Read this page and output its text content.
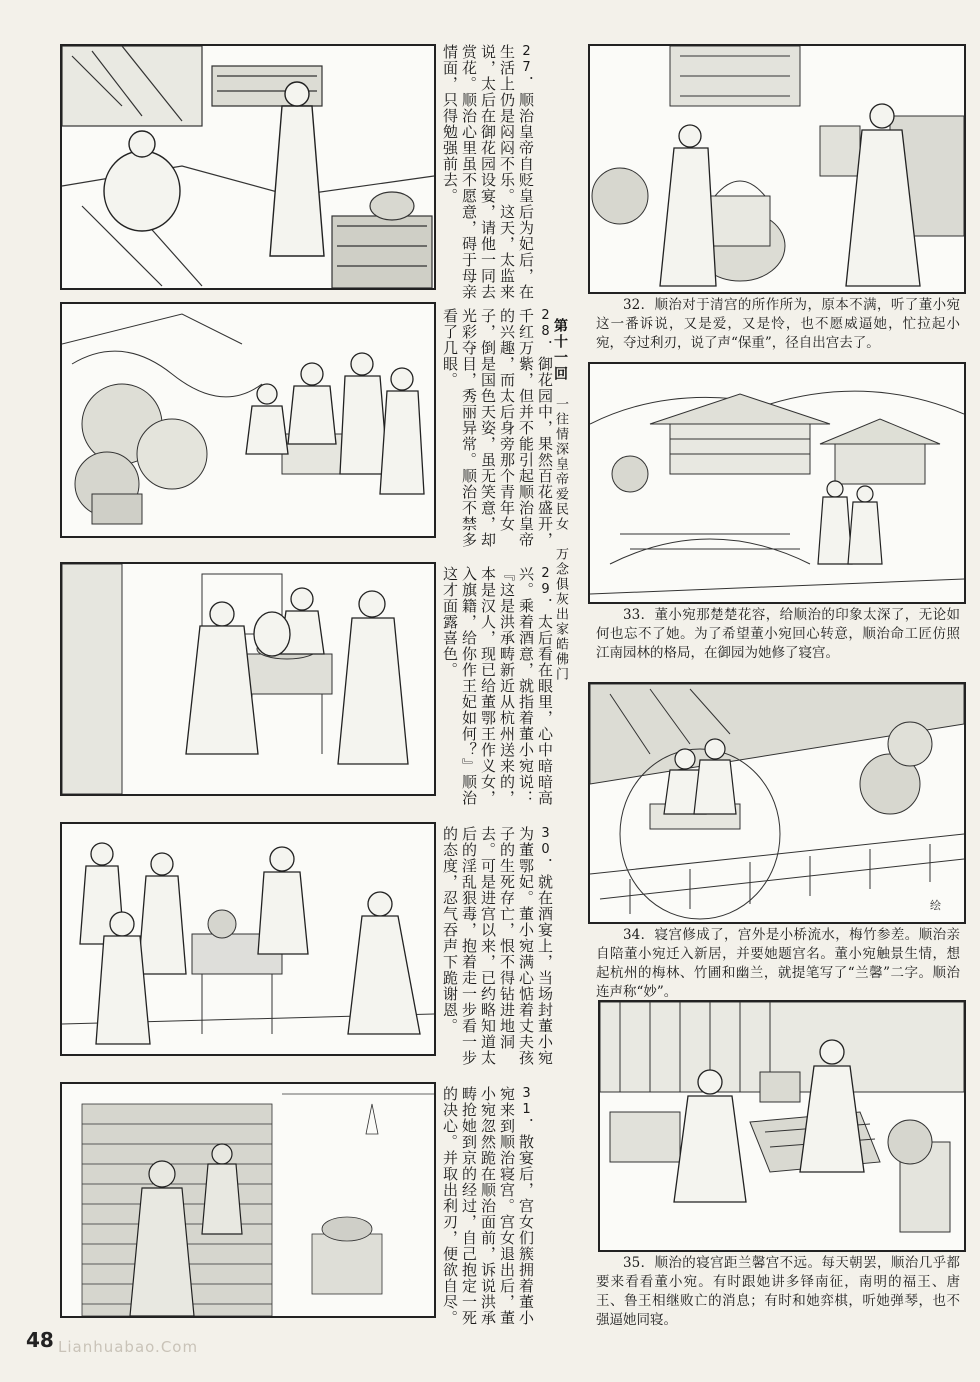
27．顺治皇帝自贬皇后为妃后，在生活上仍是闷闷不乐。这天，太监来说，太后在御花园设宴，请他一同去赏花。顺治心里虽不愿意，碍于母亲情面，只得勉强前去。
28．御花园中，果然百花盛开，千红万紫，但并不能引起顺治皇帝的兴趣，而太后身旁那个青年女子，倒是国色天姿，虽无笑意，却光彩夺目，秀丽异常。顺治不禁多看了几眼。
29．太后看在眼里，心中暗暗高兴。乘着酒意，就指着董小宛说：『这是洪承畴新近从杭州送来的，本是汉人，现已给董鄂王作义女，入旗籍，给你作王妃如何？』顺治这才面露喜色。
30．就在酒宴上，当场封董小宛为董鄂妃。董小宛满心惦着丈夫孩子的生死存亡，恨不得钻进地洞去。可是进宫以来，已约略知道太后的淫乱狠毒，抱着走一步看一步的态度，忍气吞声下跪谢恩。
31．散宴后，宫女们簇拥着董小宛来到顺治寝宫。宫女退出后，董小宛忽然跪在顺治面前，诉说洪承畴抢她到京的经过，自己抱定一死的决心。并取出利刃，便欲自尽。
第十一回　一往情深皇帝爱民女　万念俱灰出家皓佛门
绘
32．顺治对于清宫的所作所为，原本不满，听了董小宛这一番诉说，又是爱，又是怜，也不愿威逼她，忙拉起小宛，夺过利刃，说了声“保重”，径自出宫去了。
33．董小宛那楚楚花容，给顺治的印象太深了，无论如何也忘不了她。为了希望董小宛回心转意，顺治命工匠仿照江南园林的格局，在御园为她修了寝宫。
34．寝宫修成了，宫外是小桥流水，梅竹参差。顺治亲自陪董小宛迁入新居，并要她题宫名。董小宛触景生情，想起杭州的梅林、竹圃和幽兰，就提笔写了“兰馨”二字。顺治连声称“妙”。
35．顺治的寝宫距兰馨宫不远。每天朝罢，顺治几乎都要来看看董小宛。有时跟她讲多铎南征，南明的福王、唐王、鲁王相继败亡的消息；有时和她弈棋，听她弹琴，也不强逼她同寝。
48 Lianhuabao.Com
